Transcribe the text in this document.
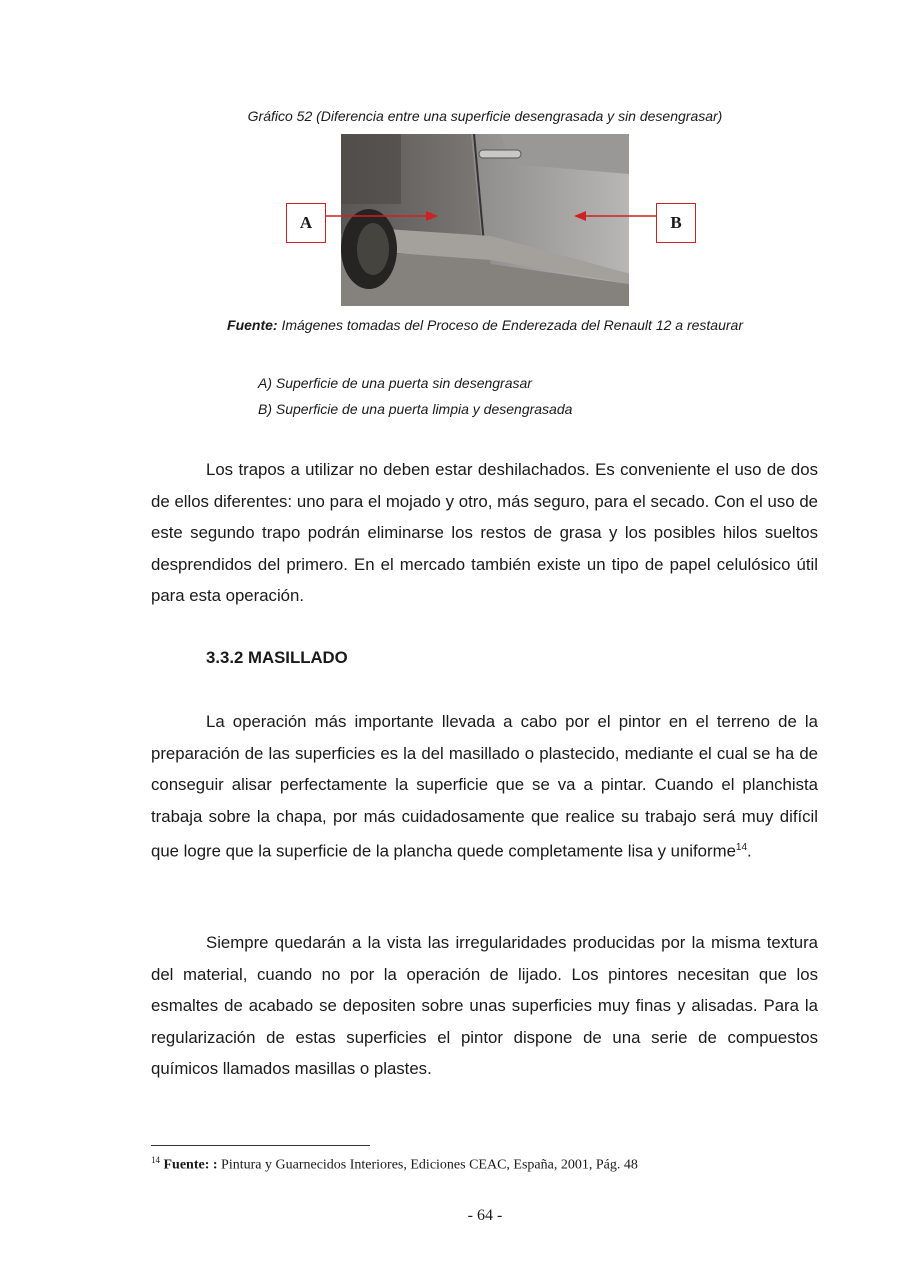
Gráfico 52 (Diferencia entre una superficie desengrasada y sin desengrasar)
A	B
Fuente: Imágenes tomadas del Proceso de Enderezada del Renault 12 a restaurar
A) Superficie de una puerta sin desengrasar
B) Superficie de una puerta limpia y desengrasada

Los trapos a utilizar no deben estar deshilachados. Es conveniente el uso de dos de ellos diferentes: uno para el mojado y otro, más seguro, para el secado. Con el uso de este segundo trapo podrán eliminarse los restos de grasa y los posibles hilos sueltos desprendidos del primero. En el mercado también existe un tipo de papel celulósico útil para esta operación.

3.3.2 MASILLADO

La operación más importante llevada a cabo por el pintor en el terreno de la preparación de las superficies es la del masillado o plastecido, mediante el cual se ha de conseguir alisar perfectamente la superficie que se va a pintar. Cuando el planchista trabaja sobre la chapa, por más cuidadosamente que realice su trabajo será muy difícil que logre que la superficie de la plancha quede completamente lisa y uniforme$^{14}$.

Siempre quedarán a la vista las irregularidades producidas por la misma textura del material, cuando no por la operación de lijado. Los pintores necesitan que los esmaltes de acabado se depositen sobre unas superficies muy finas y alisadas. Para la regularización de estas superficies el pintor dispone de una serie de compuestos químicos llamados masillas o plastes.

$^{14}$ Fuente: : Pintura y Guarnecidos Interiores, Ediciones CEAC, España, 2001, Pág. 48
- 64 -
